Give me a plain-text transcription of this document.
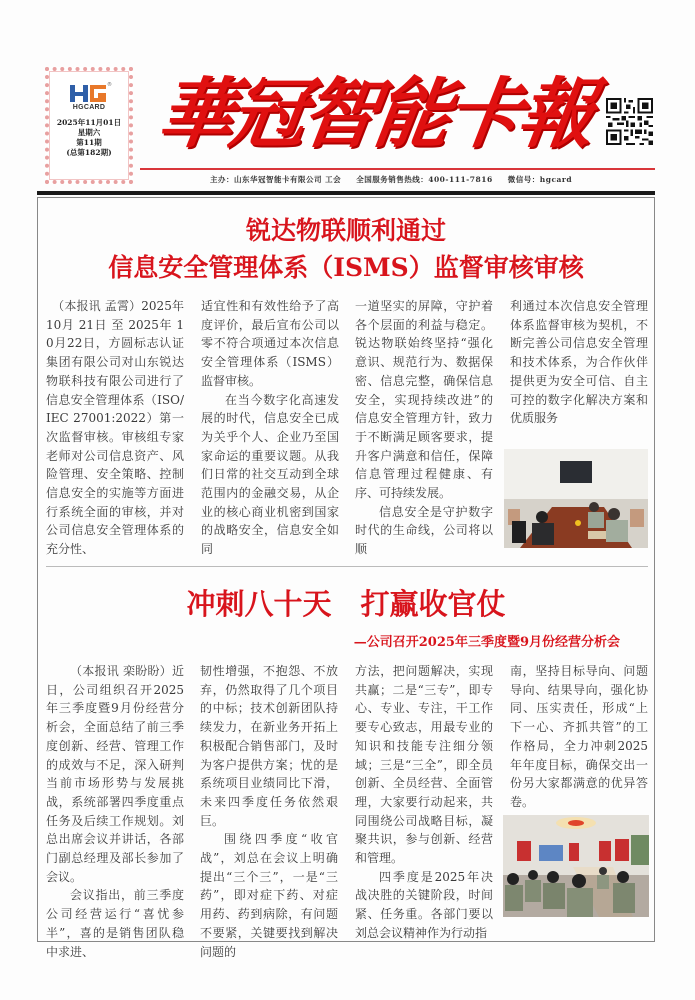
®
HGCARD
2025年11月01日
星期六
第11期
(总第182期) 華冠智能卡報
主办：山东华冠智能卡有限公司 工会 全国服务销售热线：400-111-7816 微信号：hgcard
锐达物联顺利通过
信息安全管理体系（ISMS）监督审核审核

　（本报讯 孟霄）2025年10月 21日 至 2025年 10月22日，方圆标志认证集团有限公司对山东锐达物联科技有限公司进行了信息安全管理体系（ISO/IEC 27001:2022）第一次监督审核。审核组专家老师对公司信息资产、风险管理、安全策略、控制信息安全的实施等方面进行系统全面的审核，并对公司信息安全管理体系的充分性、

适宜性和有效性给予了高度评价，最后宣布公司以零不符合项通过本次信息安全管理体系（ISMS）监督审核。

在当今数字化高速发展的时代，信息安全已成为关乎个人、企业乃至国家命运的重要议题。从我们日常的社交互动到全球范围内的金融交易，从企业的核心商业机密到国家的战略安全，信息安全如同

一道坚实的屏障，守护着各个层面的利益与稳定。锐达物联始终坚持“强化意识、规范行为、数据保密、信息完整，确保信息安全，实现持续改进”的信息安全管理方针，致力于不断满足顾客要求，提升客户满意和信任，保障信息管理过程健康、有序、可持续发展。

信息安全是守护数字时代的生命线，公司将以顺

利通过本次信息安全管理体系监督审核为契机，不断完善公司信息安全管理和技术体系，为合作伙伴提供更为安全可信、自主可控的数字化解决方案和优质服务

冲刺八十天　打赢收官仗
—公司召开2025年三季度暨9月份经营分析会

（本报讯 栾盼盼）近日，公司组织召开2025年三季度暨9月份经营分析会，全面总结了前三季度创新、经营、管理工作的成效与不足，深入研判当前市场形势与发展挑战，系统部署四季度重点任务及后续工作规划。刘总出席会议并讲话，各部门副总经理及部长参加了会议。

会议指出，前三季度公司经营运行“喜忧参半”，喜的是销售团队稳中求进、

韧性增强，不抱怨、不放弃，仍然取得了几个项目的中标；技术创新团队持续发力，在新业务开拓上积极配合销售部门，及时为客户提供方案；忧的是系统项目业绩同比下滑，未来四季度任务依然艰巨。

围绕四季度“收官战”，刘总在会议上明确提出“三个三”，一是“三药”，即对症下药、对症用药、药到病除，有问题不要紧，关键要找到解决问题的

方法，把问题解决，实现共赢；二是“三专”，即专心、专业、专注，干工作要专心致志，用最专业的知识和技能专注细分领域；三是“三全”，即全员创新、全员经营、全面管理，大家要行动起来，共同围绕公司战略目标，凝聚共识，参与创新、经营和管理。

四季度是2025年决战决胜的关键阶段，时间紧、任务重。各部门要以刘总会议精神作为行动指

南，坚持目标导向、问题导向、结果导向，强化协同、压实责任，形成“上下一心、齐抓共管”的工作格局，全力冲刺2025年年度目标，确保交出一份另大家都满意的优异答卷。
